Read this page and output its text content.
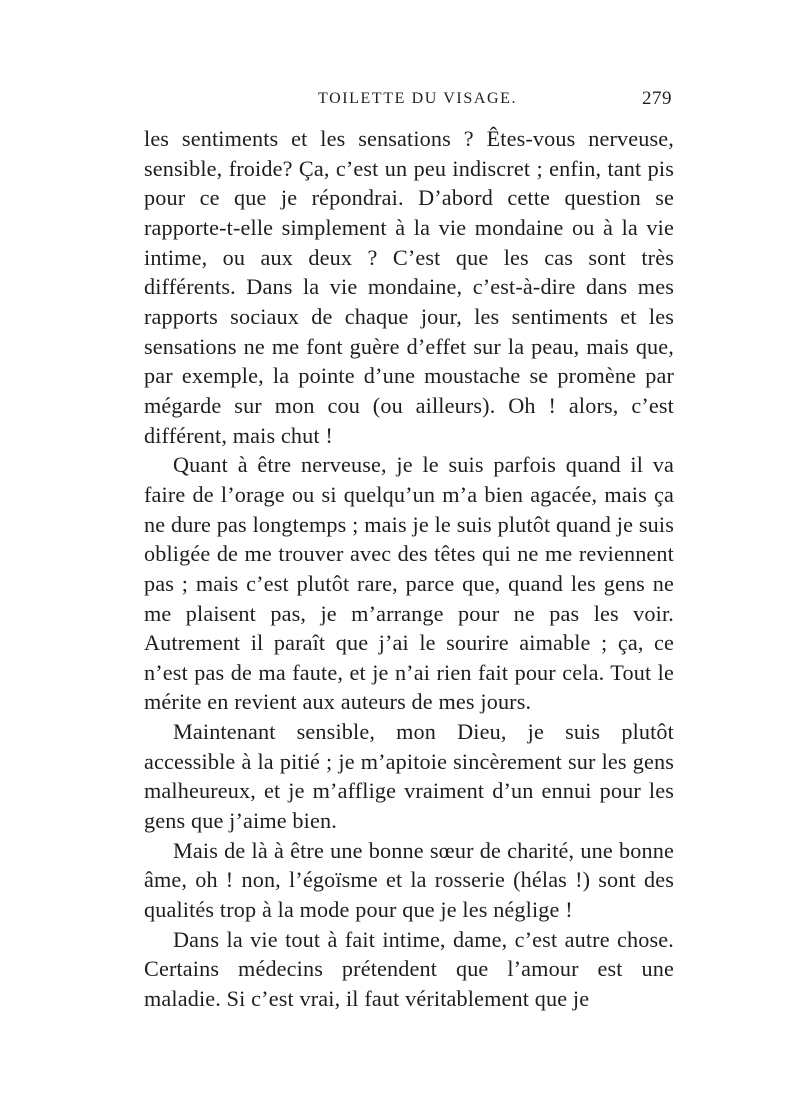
TOILETTE DU VISAGE.	279

les sentiments et les sensations ? Êtes-vous nerveuse, sensible, froide? Ça, c’est un peu indiscret ; enfin, tant pis pour ce que je répondrai. D’abord cette question se rapporte-t-elle simplement à la vie mondaine ou à la vie intime, ou aux deux ? C’est que les cas sont très différents. Dans la vie mondaine, c’est-à-dire dans mes rapports sociaux de chaque jour, les sentiments et les sensations ne me font guère d’effet sur la peau, mais que, par exemple, la pointe d’une moustache se promène par mégarde sur mon cou (ou ailleurs). Oh ! alors, c’est différent, mais chut !

Quant à être nerveuse, je le suis parfois quand il va faire de l’orage ou si quelqu’un m’a bien agacée, mais ça ne dure pas longtemps ; mais je le suis plutôt quand je suis obligée de me trouver avec des têtes qui ne me reviennent pas ; mais c’est plutôt rare, parce que, quand les gens ne me plaisent pas, je m’arrange pour ne pas les voir. Autrement il paraît que j’ai le sourire aimable ; ça, ce n’est pas de ma faute, et je n’ai rien fait pour cela. Tout le mérite en revient aux auteurs de mes jours.

Maintenant sensible, mon Dieu, je suis plutôt accessible à la pitié ; je m’apitoie sincèrement sur les gens malheureux, et je m’afflige vraiment d’un ennui pour les gens que j’aime bien.

Mais de là à être une bonne sœur de charité, une bonne âme, oh ! non, l’égoïsme et la rosserie (hélas !) sont des qualités trop à la mode pour que je les néglige !

Dans la vie tout à fait intime, dame, c’est autre chose. Certains médecins prétendent que l’amour est une maladie. Si c’est vrai, il faut véritablement que je
